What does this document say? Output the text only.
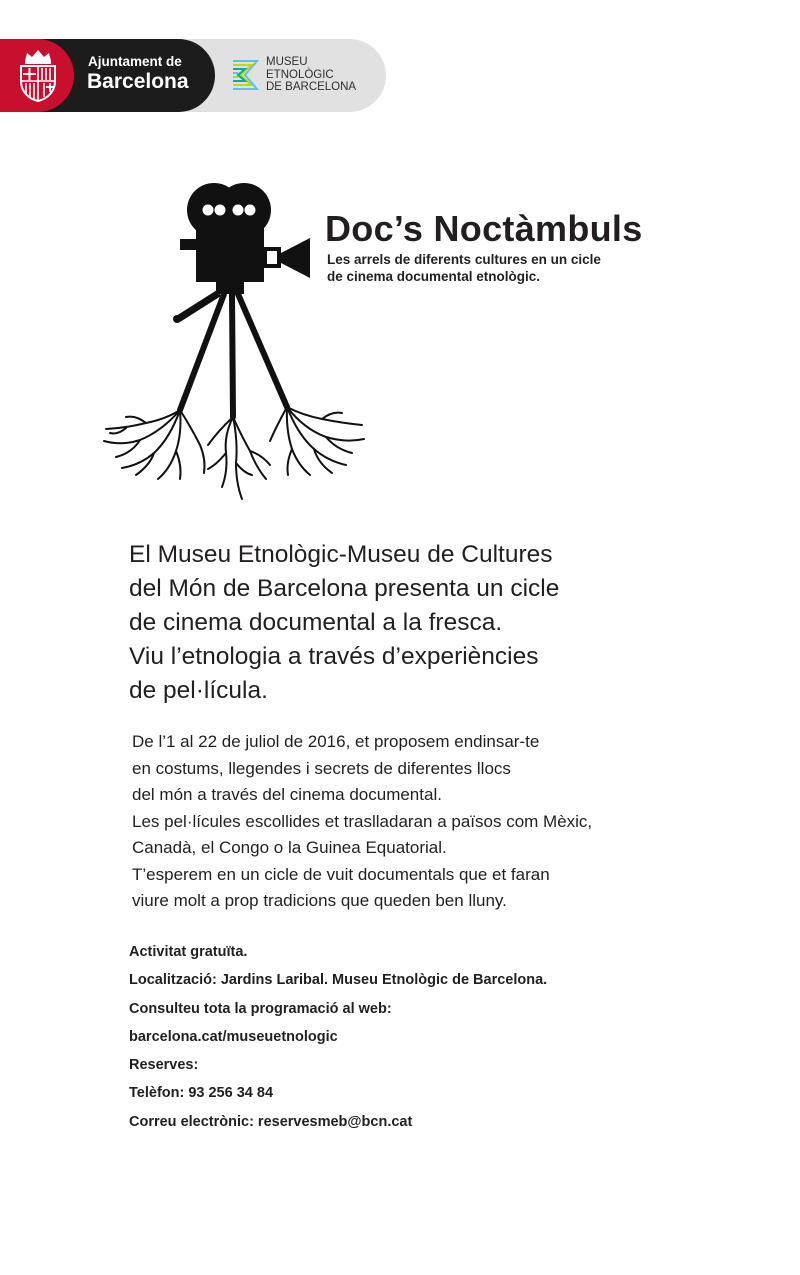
Ajuntament de
Barcelona
MUSEU
ETNOLÒGIC
DE BARCELONA
Doc’s Noctàmbuls
Les arrels de diferents cultures en un cicle
de cinema documental etnològic.
El Museu Etnològic-Museu de Cultures
del Món de Barcelona presenta un cicle
de cinema documental a la fresca.
Viu l’etnologia a través d’experiències
de pel·lícula.
De l’1 al 22 de juliol de 2016, et proposem endinsar-te
en costums, llegendes i secrets de diferentes llocs
del món a través del cinema documental.
Les pel·lícules escollides et traslladaran a països com Mèxic,
Canadà, el Congo o la Guinea Equatorial.
T’esperem en un cicle de vuit documentals que et faran
viure molt a prop tradicions que queden ben lluny.
Activitat gratuïta.
Localització: Jardins Laribal. Museu Etnològic de Barcelona.
Consulteu tota la programació al web:
barcelona.cat/museuetnologic
Reserves:
Telèfon: 93 256 34 84
Correu electrònic: reservesmeb@bcn.cat
